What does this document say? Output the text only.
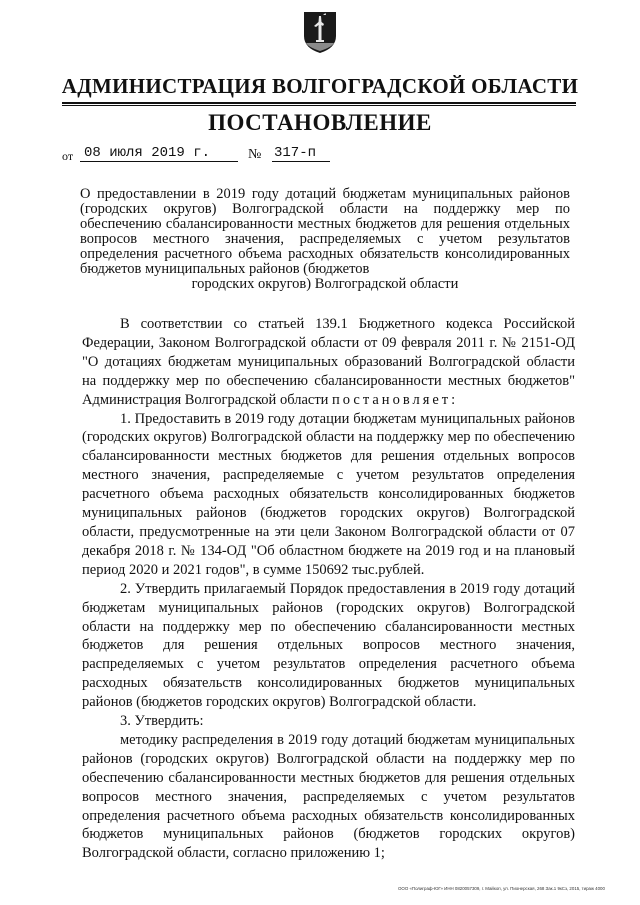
АДМИНИСТРАЦИЯ ВОЛГОГРАДСКОЙ ОБЛАСТИ
ПОСТАНОВЛЕНИЕ
от 08 июля 2019 г.	№ 317-п
О предоставлении в 2019 году дотаций бюджетам муниципальных районов (городских округов) Волгоградской области на поддержку мер по обеспечению сбалансированности местных бюджетов для решения отдельных вопросов местного значения, распределяемых с учетом результатов определения расчетного объема расходных обязательств консолидированных бюджетов муниципальных районов (бюджетов
городских округов) Волгоградской области

В соответствии со статьей 139.1 Бюджетного кодекса Российской Федерации, Законом Волгоградской области от 09 февраля 2011 г. № 2151-ОД "О дотациях бюджетам муниципальных образований Волгоградской области на поддержку мер по обеспечению сбалансированности местных бюджетов" Администрация Волгоградской области постановляет:

1. Предоставить в 2019 году дотации бюджетам муниципальных районов (городских округов) Волгоградской области на поддержку мер по обеспечению сбалансированности местных бюджетов для решения отдельных вопросов местного значения, распределяемые с учетом результатов определения расчетного объема расходных обязательств консолидированных бюджетов муниципальных районов (бюджетов городских округов) Волгоградской области, предусмотренные на эти цели Законом Волгоградской области от 07 декабря 2018 г. № 134-ОД "Об областном бюджете на 2019 год и на плановый период 2020 и 2021 годов", в сумме 150692 тыс.рублей.

2. Утвердить прилагаемый Порядок предоставления в 2019 году дотаций бюджетам муниципальных районов (городских округов) Волгоградской области на поддержку мер по обеспечению сбалансированности местных бюджетов для решения отдельных вопросов местного значения, распределяемых с учетом результатов определения расчетного объема расходных обязательств консолидированных бюджетов муниципальных районов (бюджетов городских округов) Волгоградской области.

3. Утвердить:

методику распределения в 2019 году дотаций бюджетам муниципальных районов (городских округов) Волгоградской области на поддержку мер по обеспечению сбалансированности местных бюджетов для решения отдельных вопросов местного значения, распределяемых с учетом результатов определения расчетного объема расходных обязательств консолидированных бюджетов муниципальных районов (бюджетов городских округов) Волгоградской области, согласно приложению 1;

ООО «Полиграф-ЮГ» ИНН 0820057309, г. Майкоп, ул. Пионерская, 268 Зак.1 9кСз, 2015, тираж 4000
